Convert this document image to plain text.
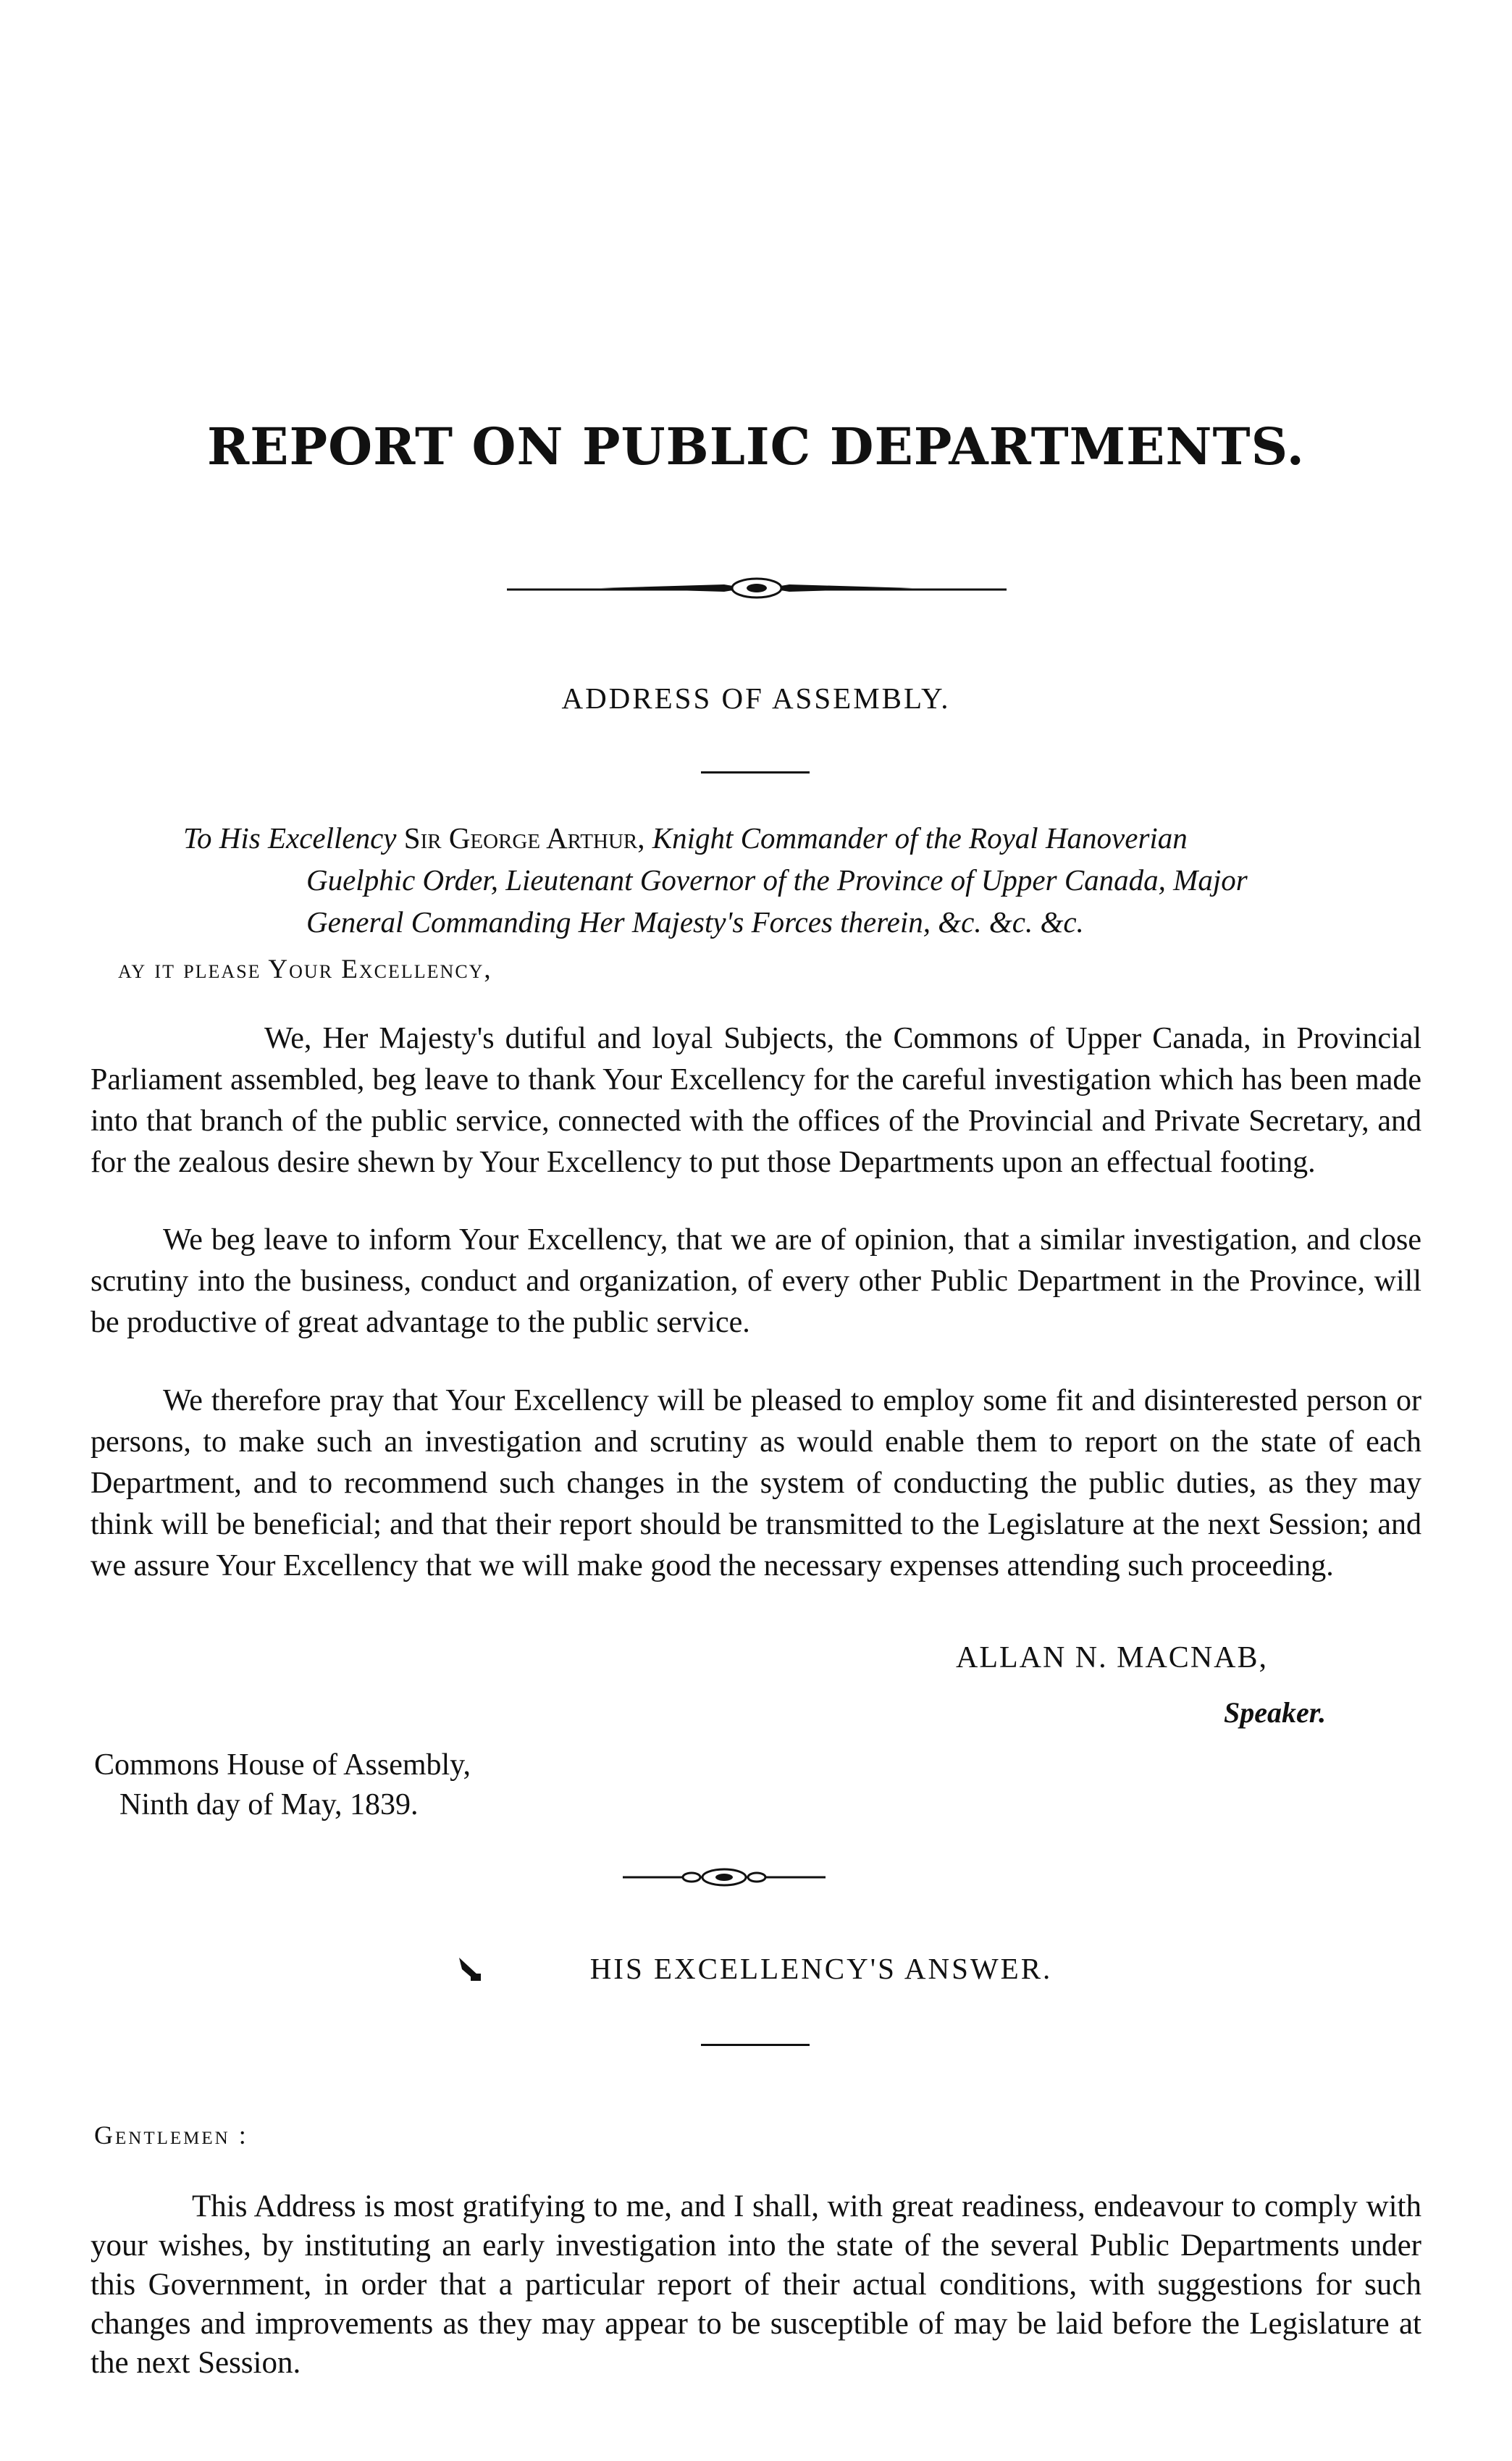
REPORT ON PUBLIC DEPARTMENTS.
ADDRESS OF ASSEMBLY.
To His Excellency Sir George Arthur, Knight Commander of the Royal Hanoverian
Guelphic Order, Lieutenant Governor of the Province of Upper Canada, Major
General Commanding Her Majesty's Forces therein, &c. &c. &c.
ay it please Your Excellency,
We, Her Majesty's dutiful and loyal Subjects, the Commons of Upper Canada, in Provincial Parliament assembled, beg leave to thank Your Excellency for the careful investigation which has been made into that branch of the public service, connected with the offices of the Provincial and Private Secretary, and for the zealous desire shewn by Your Excellency to put those Departments upon an effectual footing.
We beg leave to inform Your Excellency, that we are of opinion, that a similar investigation, and close scrutiny into the business, conduct and organization, of every other Public Department in the Province, will be productive of great advantage to the public service.
We therefore pray that Your Excellency will be pleased to employ some fit and disinterested person or persons, to make such an investigation and scrutiny as would enable them to report on the state of each Department, and to recommend such changes in the system of conducting the public duties, as they may think will be beneficial; and that their report should be transmitted to the Legislature at the next Session; and we assure Your Excellency that we will make good the necessary expenses attending such proceeding.
ALLAN N. MACNAB,
Speaker.
Commons House of Assembly,
Ninth day of May, 1839.
HIS EXCELLENCY'S ANSWER.
Gentlemen :
This Address is most gratifying to me, and I shall, with great readiness, endeavour to comply with your wishes, by instituting an early investigation into the state of the several Public Departments under this Government, in order that a particular report of their actual conditions, with suggestions for such changes and improvements as they may appear to be susceptible of may be laid before the Legislature at the next Session.
